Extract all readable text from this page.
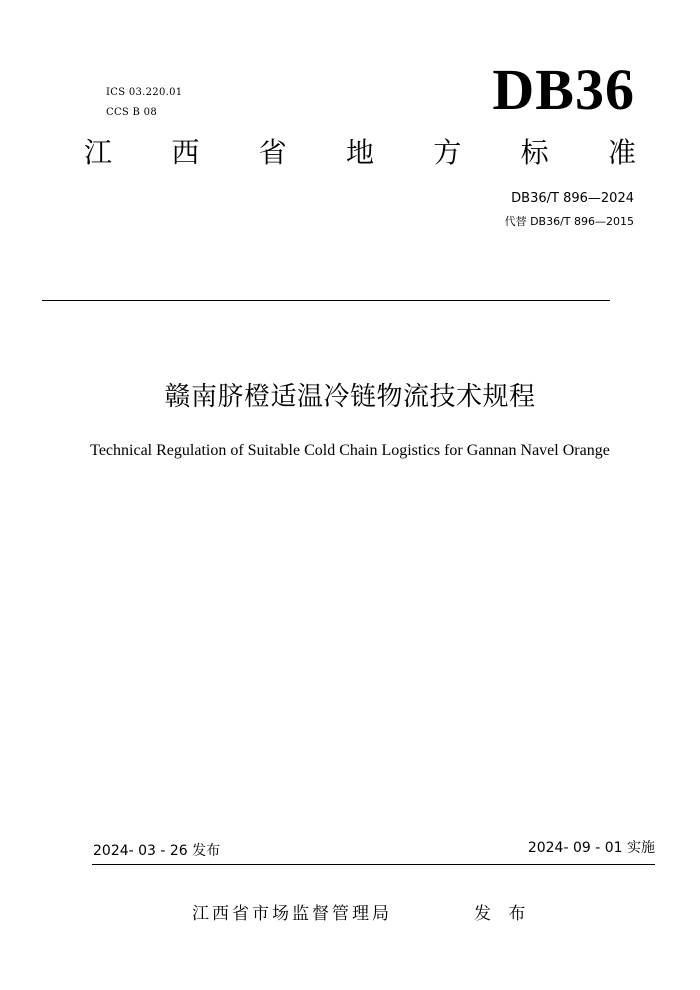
ICS 03.220.01
CCS B 08	DB36
江 西 省 地 方 标 准
DB36/T 896—2024
代替 DB36/T 896—2015
赣南脐橙适温冷链物流技术规程
Technical Regulation of Suitable Cold Chain Logistics for Gannan Navel Orange
2024- 03 - 26 发布	2024- 09 - 01 实施
江西省市场监督管理局	发 布
